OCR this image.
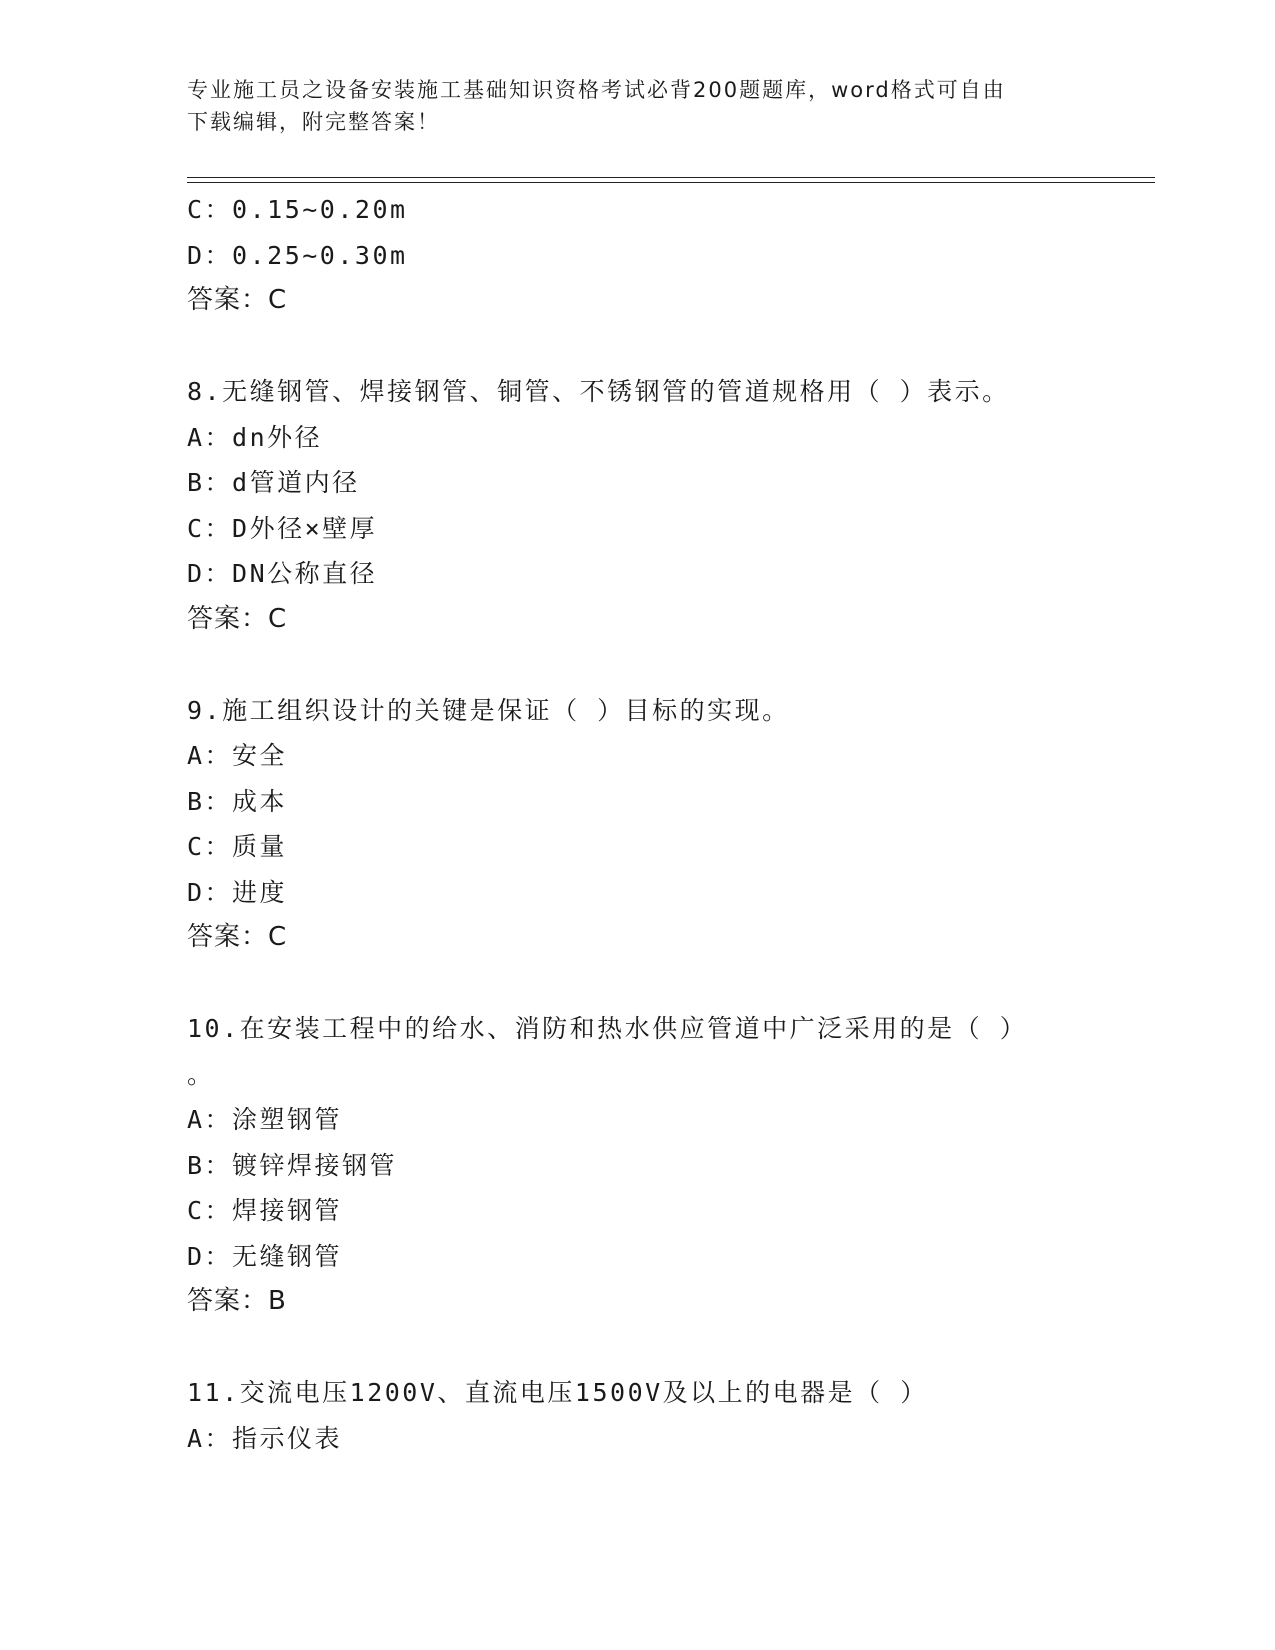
专业施工员之设备安装施工基础知识资格考试必背200题题库，word格式可自由
下载编辑，附完整答案！
C：0.15~0.20m
D：0.25~0.30m
答案：C
8.无缝钢管、焊接钢管、铜管、不锈钢管的管道规格用（ ）表示。
A：dn外径
B：d管道内径
C：D外径×壁厚
D：DN公称直径
答案：C
9.施工组织设计的关键是保证（ ）目标的实现。
A：安全
B：成本
C：质量
D：进度
答案：C
10.在安装工程中的给水、消防和热水供应管道中广泛采用的是（ ）
。
A：涂塑钢管
B：镀锌焊接钢管
C：焊接钢管
D：无缝钢管
答案：B
11.交流电压1200V、直流电压1500V及以上的电器是（ ）
A：指示仪表
